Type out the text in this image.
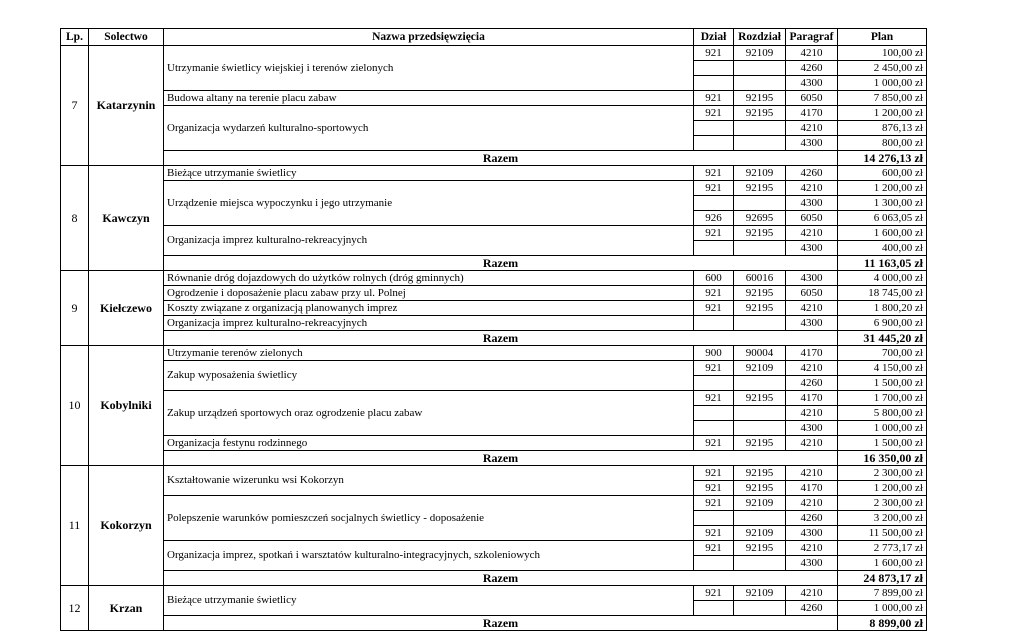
Lp.	Solectwo	Nazwa przedsięwzięcia	Dział	Rozdział	Paragraf	Plan
7	Katarzynin	Utrzymanie świetlicy wiejskiej i terenów zielonych	921	92109	4210	100,00 zł
					4260	2 450,00 zł
					4300	1 000,00 zł
		Budowa altany na terenie placu zabaw	921	92195	6050	7 850,00 zł
		Organizacja wydarzeń kulturalno-sportowych	921	92195	4170	1 200,00 zł
					4210	876,13 zł
					4300	800,00 zł
		Razem				14 276,13 zł
8	Kawczyn	Bieżące utrzymanie świetlicy	921	92109	4260	600,00 zł
		Urządzenie miejsca wypoczynku i jego utrzymanie	921	92195	4210	1 200,00 zł
					4300	1 300,00 zł
			926	92695	6050	6 063,05 zł
		Organizacja imprez kulturalno-rekreacyjnych	921	92195	4210	1 600,00 zł
					4300	400,00 zł
		Razem				11 163,05 zł
9	Kiełczewo	Równanie dróg dojazdowych do użytków rolnych (dróg gminnych)	600	60016	4300	4 000,00 zł
		Ogrodzenie i doposażenie placu zabaw przy ul. Polnej	921	92195	6050	18 745,00 zł
		Koszty związane z organizacją planowanych imprez	921	92195	4210	1 800,20 zł
		Organizacja imprez kulturalno-rekreacyjnych			4300	6 900,00 zł
		Razem				31 445,20 zł
10	Kobylniki	Utrzymanie terenów zielonych	900	90004	4170	700,00 zł
		Zakup wyposażenia świetlicy	921	92109	4210	4 150,00 zł
					4260	1 500,00 zł
		Zakup urządzeń sportowych oraz ogrodzenie placu zabaw	921	92195	4170	1 700,00 zł
					4210	5 800,00 zł
					4300	1 000,00 zł
		Organizacja festynu rodzinnego	921	92195	4210	1 500,00 zł
		Razem				16 350,00 zł
11	Kokorzyn	Kształtowanie wizerunku wsi Kokorzyn	921	92195	4210	2 300,00 zł
			921	92195	4170	1 200,00 zł
		Polepszenie warunków pomieszczeń socjalnych świetlicy - doposażenie	921	92109	4210	2 300,00 zł
					4260	3 200,00 zł
			921	92109	4300	11 500,00 zł
		Organizacja imprez, spotkań i warsztatów kulturalno-integracyjnych, szkoleniowych	921	92195	4210	2 773,17 zł
					4300	1 600,00 zł
		Razem				24 873,17 zł
12	Krzan	Bieżące utrzymanie świetlicy	921	92109	4210	7 899,00 zł
					4260	1 000,00 zł
		Razem				8 899,00 zł
